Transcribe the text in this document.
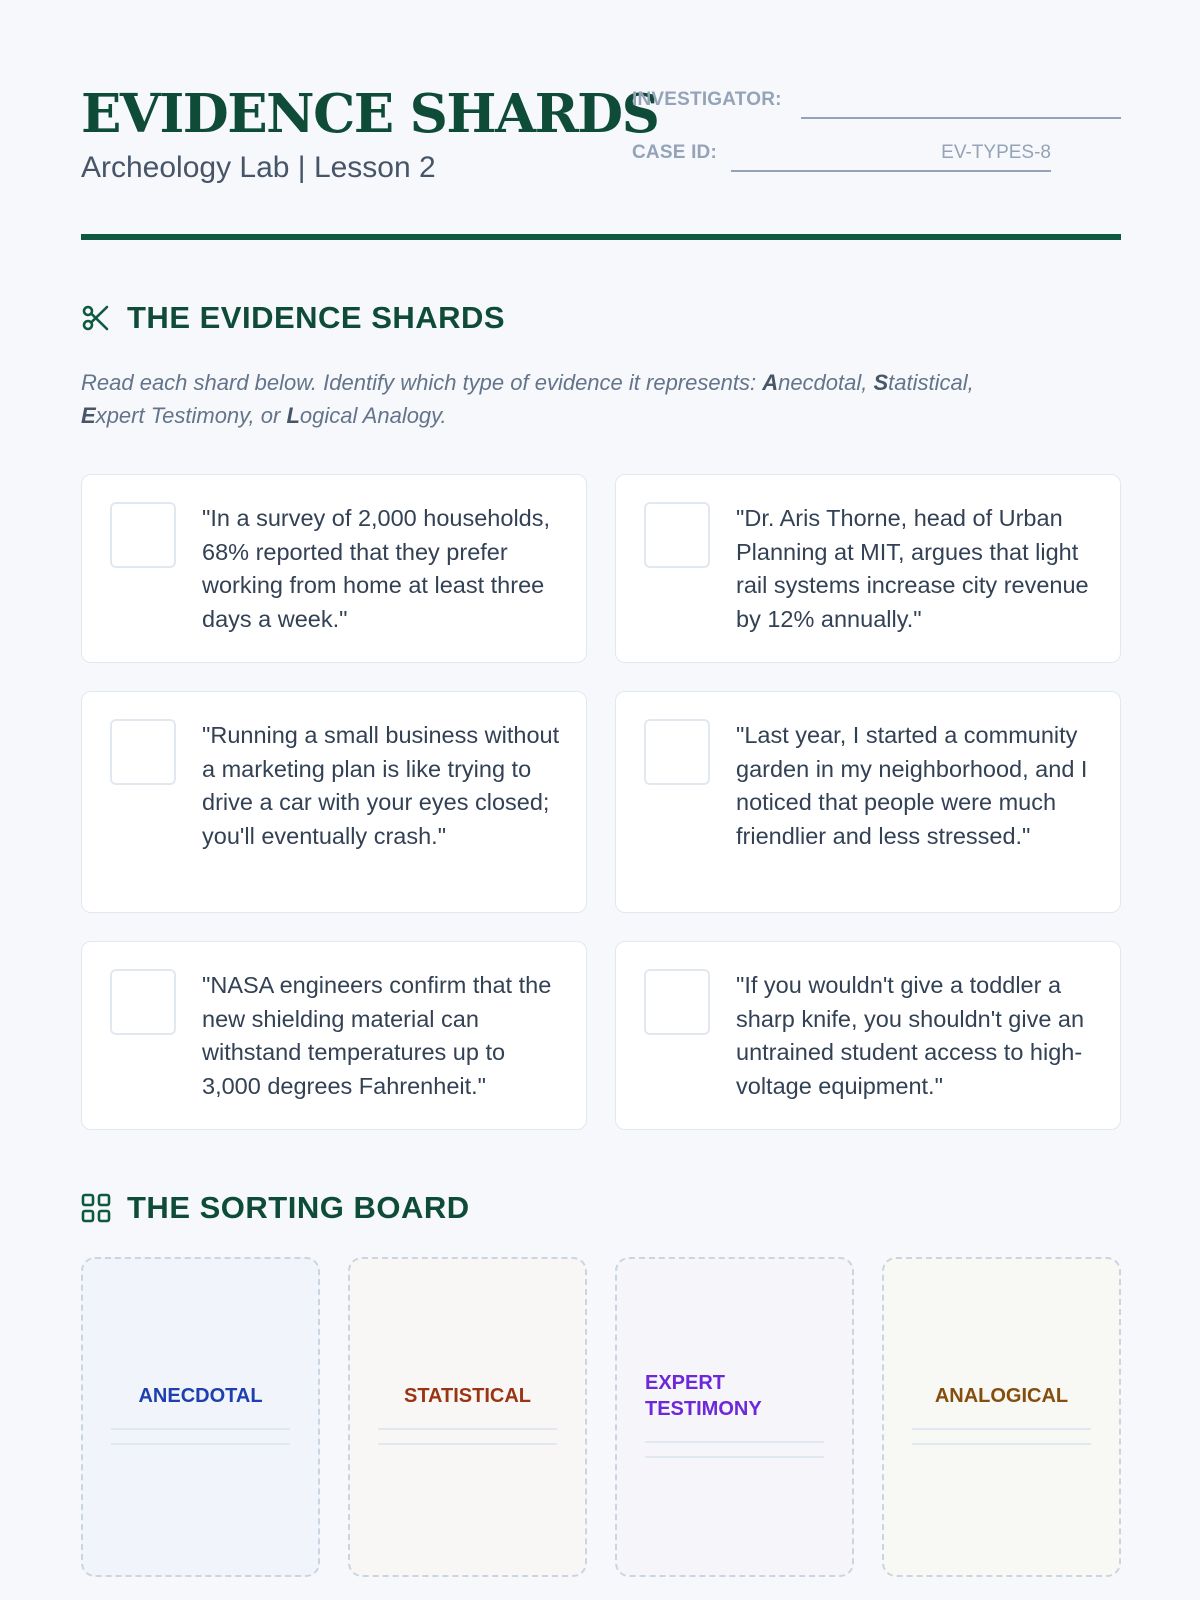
EVIDENCE SHARDS
Archeology Lab | Lesson 2
INVESTIGATOR:
CASE ID:	EV-TYPES-8
THE EVIDENCE SHARDS
Read each shard below. Identify which type of evidence it represents: Anecdotal, Statistical,
Expert Testimony, or Logical Analogy.
"In a survey of 2,000 households, 68% reported that they prefer working from home at least three days a week."
"Dr. Aris Thorne, head of Urban Planning at MIT, argues that light rail systems increase city revenue by 12% annually."
"Running a small business without a marketing plan is like trying to drive a car with your eyes closed; you'll eventually crash."
"Last year, I started a community garden in my neighborhood, and I noticed that people were much friendlier and less stressed."
"NASA engineers confirm that the new shielding material can withstand temperatures up to 3,000 degrees Fahrenheit."
"If you wouldn't give a toddler a sharp knife, you shouldn't give an untrained student access to high-voltage equipment."
THE SORTING BOARD
ANECDOTAL	STATISTICAL
EXPERT TESTIMONY
ANALOGICAL
